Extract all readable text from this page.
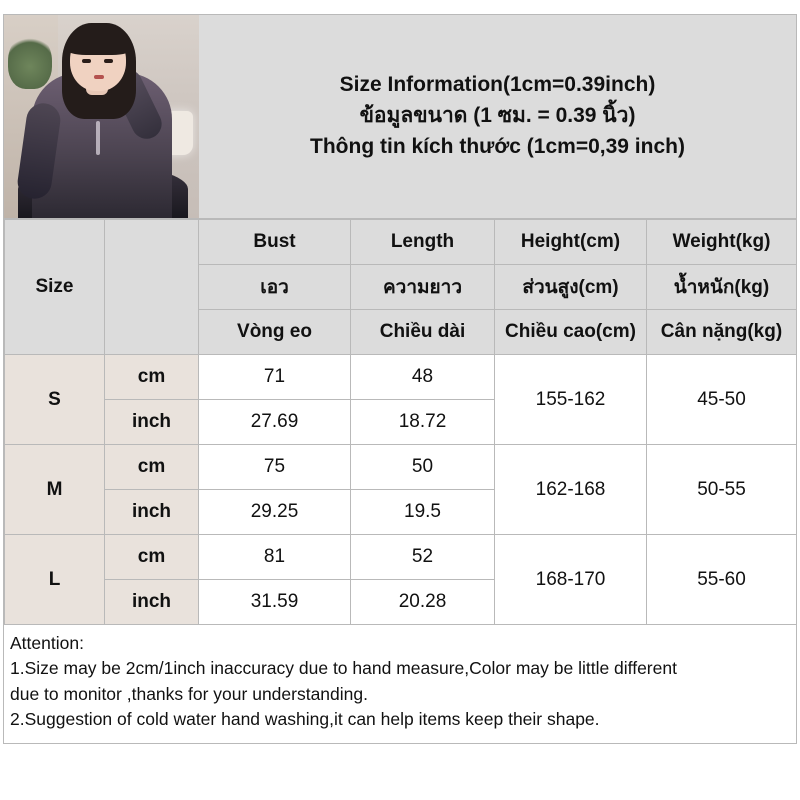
Size Information(1cm=0.39inch)
ข้อมูลขนาด (1 ซม. = 0.39 นิ้ว)
Thông tin kích thước (1cm=0,39 inch)
Size		Bust	Length	Height(cm)	Weight(kg)
		เอว	ความยาว	ส่วนสูง(cm)	น้ำหนัก(kg)
		Vòng eo	Chiều dài	Chiều cao(cm)	Cân nặng(kg)
S	cm	71	48	155-162	45-50
	inch	27.69	18.72		
M	cm	75	50	162-168	50-55
	inch	29.25	19.5		
L	cm	81	52	168-170	55-60
	inch	31.59	20.28		

Attention:

1.Size may be 2cm/1inch inaccuracy due to hand measure,Color may be little different

due to monitor ,thanks for your understanding.

2.Suggestion of cold water hand washing,it can help items keep their shape.
